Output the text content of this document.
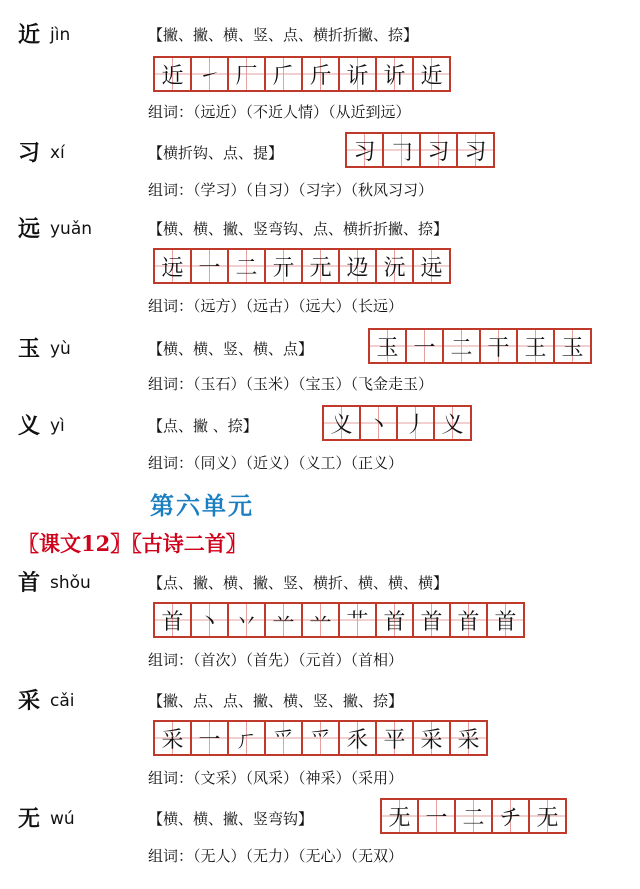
近 jìn	【撇、撇、横、竖、点、横折折撇、捺】
近 ㇀ 厂 𠂆 斤 䜣 䜣 近
组词：（远近）（不近人情）（从近到远）
习 xí	【横折钩、点、提】	习 𠃌 习 习
组词：（学习）（自习）（习字）（秋风习习）
远 yuǎn	【横、横、撇、竖弯钩、点、横折折撇、捺】
远 一 二 亓 元 辸 沅 远
组词：（远方）（远古）（远大）（长远）
玉 yù	【横、横、竖、横、点】	玉 一 二 干 王 玉
组词：（玉石）（玉米）（宝玉）（飞金走玉）
义 yì	【点、撇 、捺】	义 丶 丿 义
组词：（同义）（近义）（义工）（正义）
第六单元
〖课文12〗〖古诗二首〗
首 shǒu	【点、撇、横、撇、竖、横折、横、横、横】
首 丶 丷 䒑 䒑 艹 首 首 首 首
组词：（首次）（首先）（元首）（首相）
采 cǎi	【撇、点、点、撇、横、竖、撇、捺】
采 一 ㄏ 爫 爫 乑 平 采 采
组词：（文采）（风采）（神采）（采用）
无 wú	【横、横、撇、竖弯钩】	无 一 二 チ 无
组词：（无人）（无力）（无心）（无双）
